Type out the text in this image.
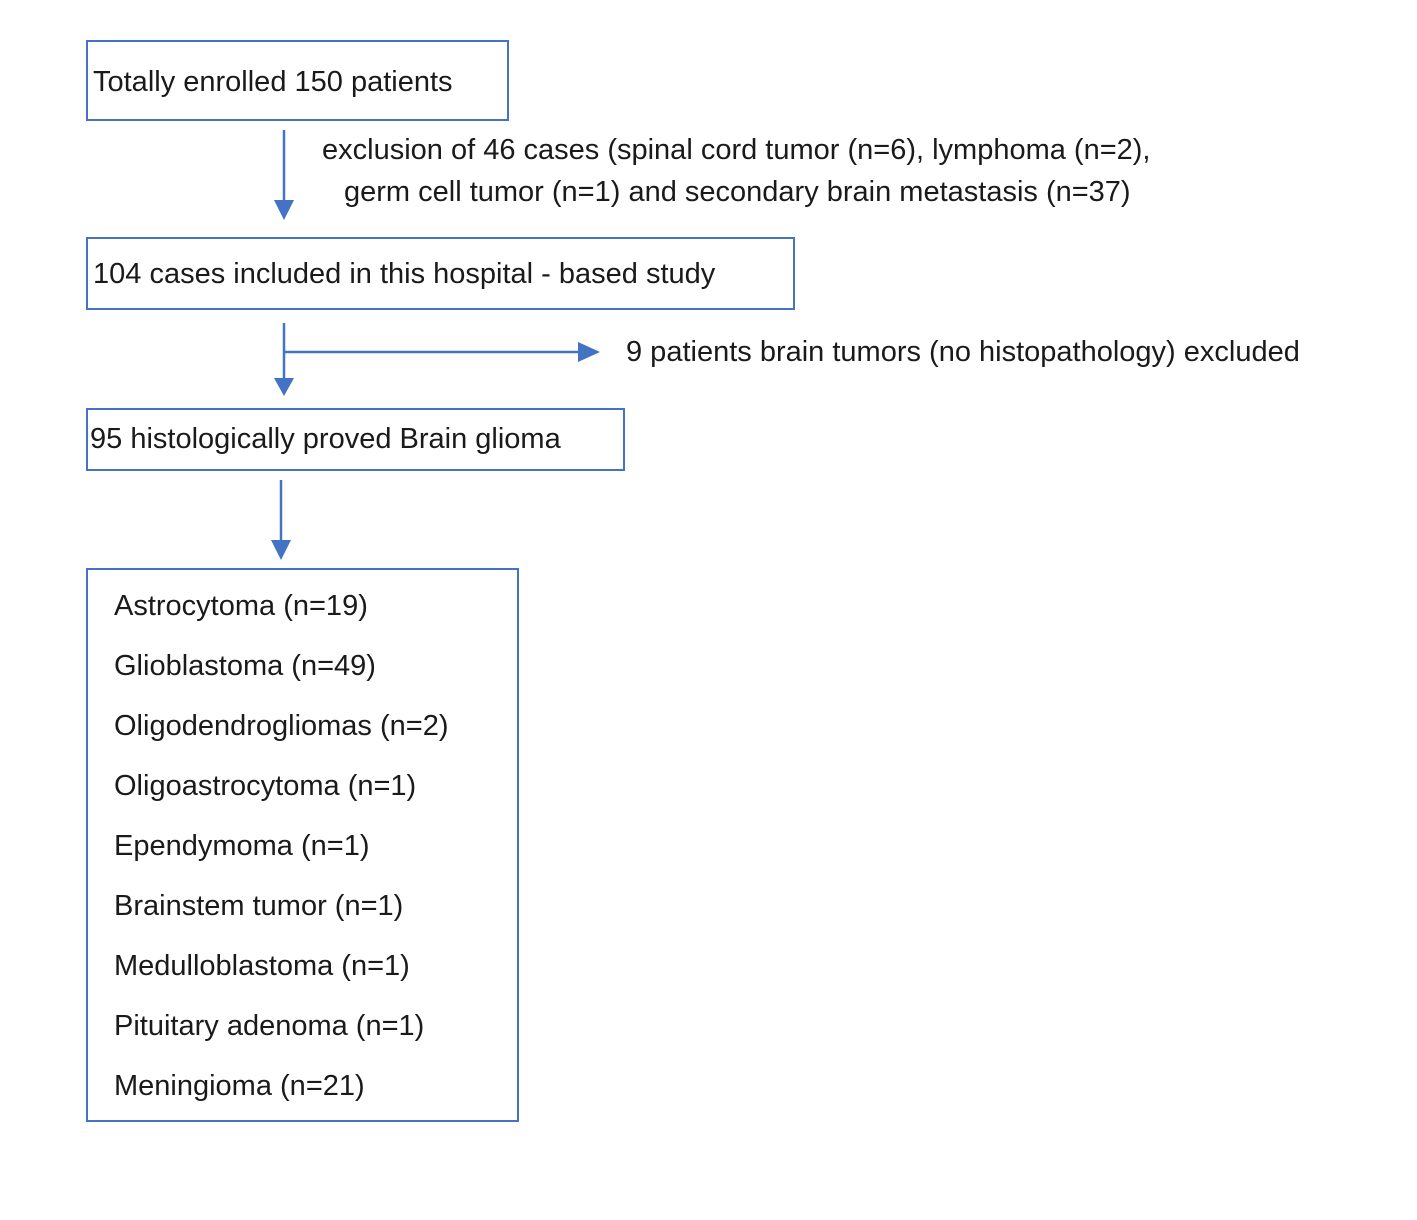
Totally enrolled 150 patients
exclusion of 46 cases (spinal cord tumor (n=6), lymphoma (n=2),
germ cell tumor (n=1) and secondary brain metastasis (n=37)
104 cases included in this hospital - based study
9 patients brain tumors (no histopathology) excluded
95 histologically proved Brain glioma
Astrocytoma (n=19)
Glioblastoma (n=49)
Oligodendrogliomas (n=2)
Oligoastrocytoma (n=1)
Ependymoma (n=1)
Brainstem tumor (n=1)
Medulloblastoma (n=1)
Pituitary adenoma (n=1)
Meningioma (n=21)
